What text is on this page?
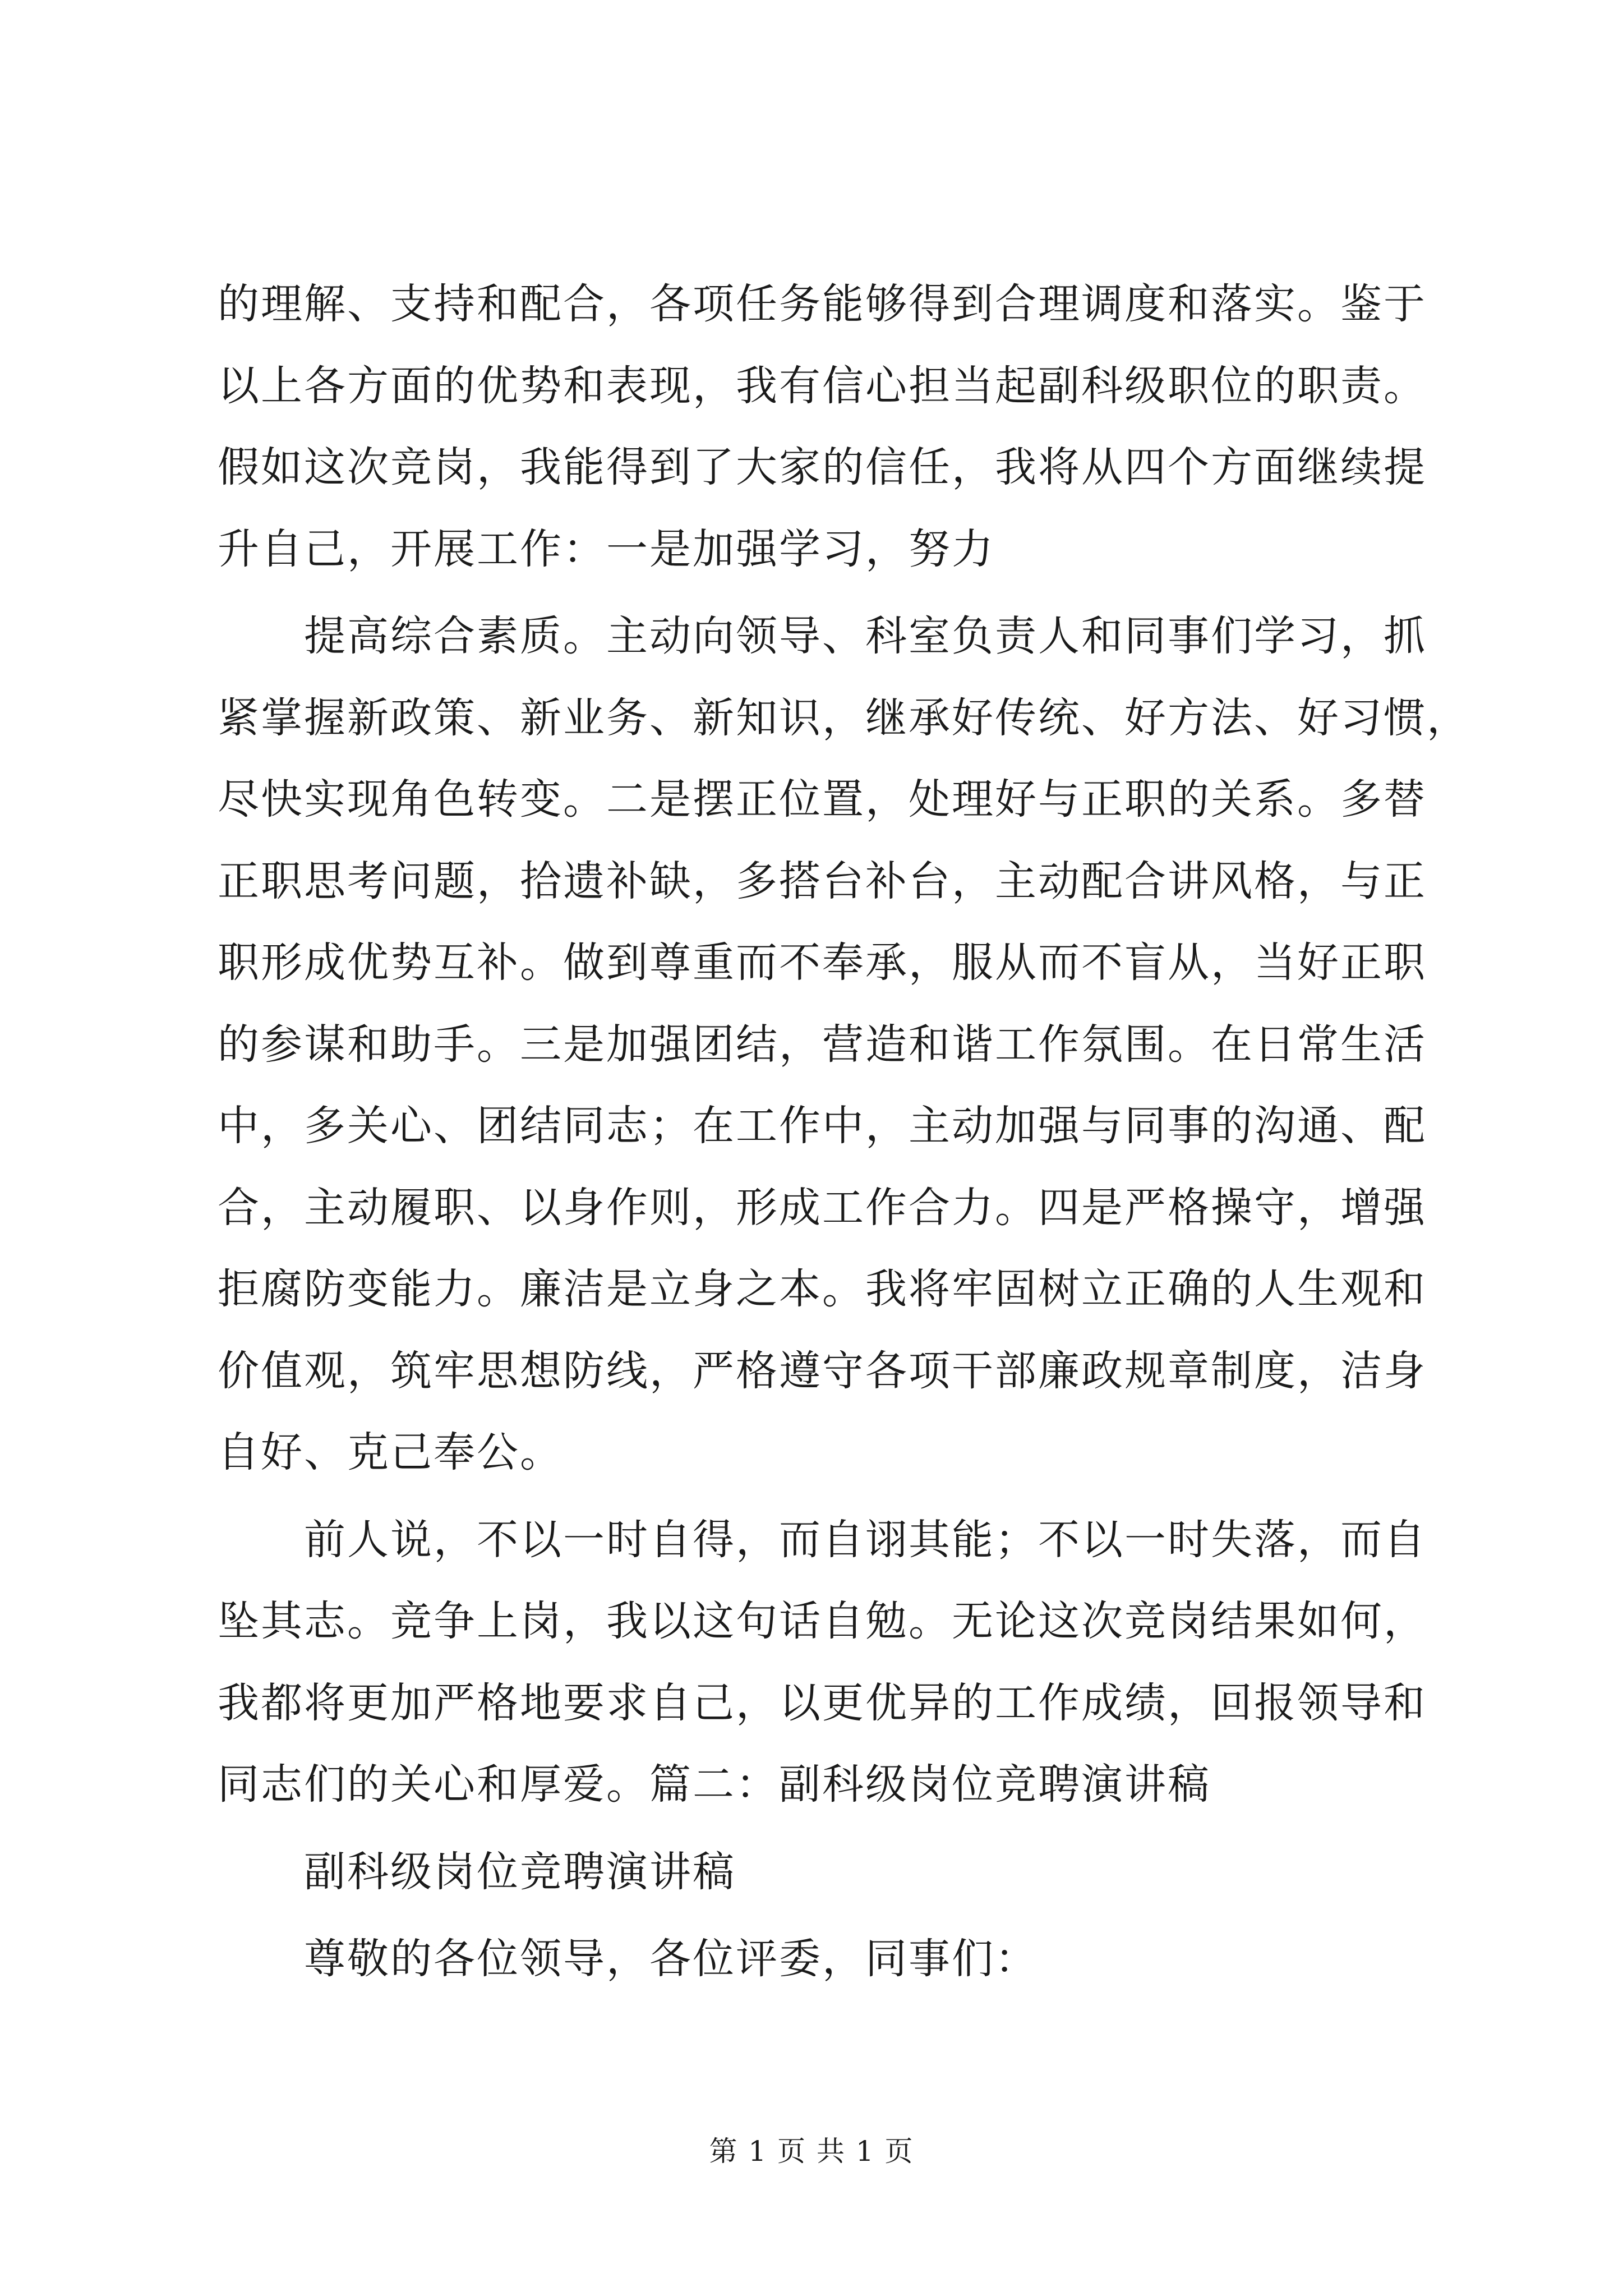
的理解、支持和配合，各项任务能够得到合理调度和落实。鉴于
以上各方面的优势和表现，我有信心担当起副科级职位的职责。
假如这次竞岗，我能得到了大家的信任，我将从四个方面继续提
升自己，开展工作：一是加强学习，努力
　　提高综合素质。主动向领导、科室负责人和同事们学习，抓
紧掌握新政策、新业务、新知识，继承好传统、好方法、好习惯，
尽快实现角色转变。二是摆正位置，处理好与正职的关系。多替
正职思考问题，拾遗补缺，多搭台补台，主动配合讲风格，与正
职形成优势互补。做到尊重而不奉承，服从而不盲从，当好正职
的参谋和助手。三是加强团结，营造和谐工作氛围。在日常生活
中，多关心、团结同志；在工作中，主动加强与同事的沟通、配
合，主动履职、以身作则，形成工作合力。四是严格操守，增强
拒腐防变能力。廉洁是立身之本。我将牢固树立正确的人生观和
价值观，筑牢思想防线，严格遵守各项干部廉政规章制度，洁身
自好、克己奉公。
　　前人说，不以一时自得，而自诩其能；不以一时失落，而自
坠其志。竞争上岗，我以这句话自勉。无论这次竞岗结果如何，
我都将更加严格地要求自己，以更优异的工作成绩，回报领导和
同志们的关心和厚爱。篇二：副科级岗位竞聘演讲稿
　　副科级岗位竞聘演讲稿
　　尊敬的各位领导，各位评委，同事们：
第 1 页 共 1 页
